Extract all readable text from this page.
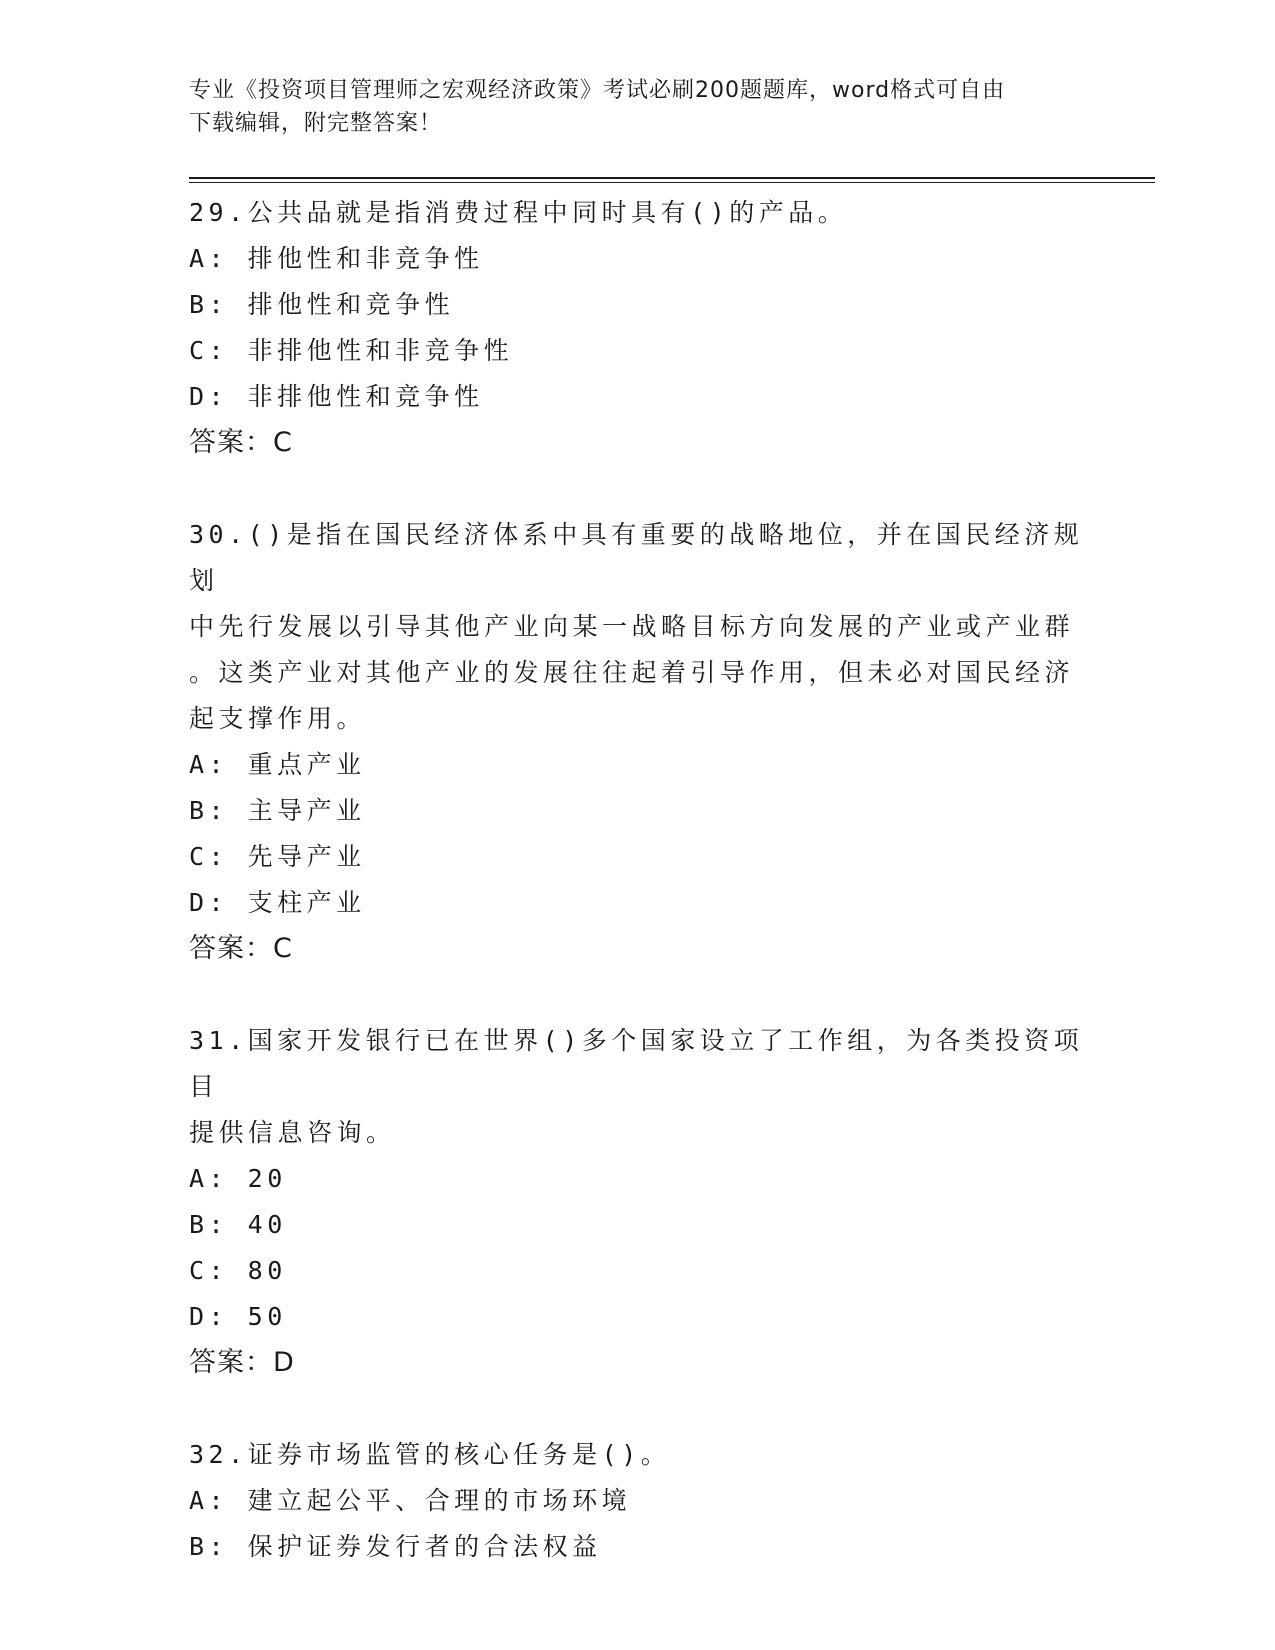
专业《投资项目管理师之宏观经济政策》考试必刷200题题库，word格式可自由
下载编辑，附完整答案！

29.公共品就是指消费过程中同时具有()的产品。

A: 排他性和非竞争性

B: 排他性和竞争性

C: 非排他性和非竞争性

D: 非排他性和竞争性

答案：C

30.()是指在国民经济体系中具有重要的战略地位，并在国民经济规划

中先行发展以引导其他产业向某一战略目标方向发展的产业或产业群

。这类产业对其他产业的发展往往起着引导作用，但未必对国民经济

起支撑作用。

A: 重点产业

B: 主导产业

C: 先导产业

D: 支柱产业

答案：C

31.国家开发银行已在世界()多个国家设立了工作组，为各类投资项目

提供信息咨询。

A: 20

B: 40

C: 80

D: 50

答案：D

32.证券市场监管的核心任务是()。

A: 建立起公平、合理的市场环境

B: 保护证券发行者的合法权益
